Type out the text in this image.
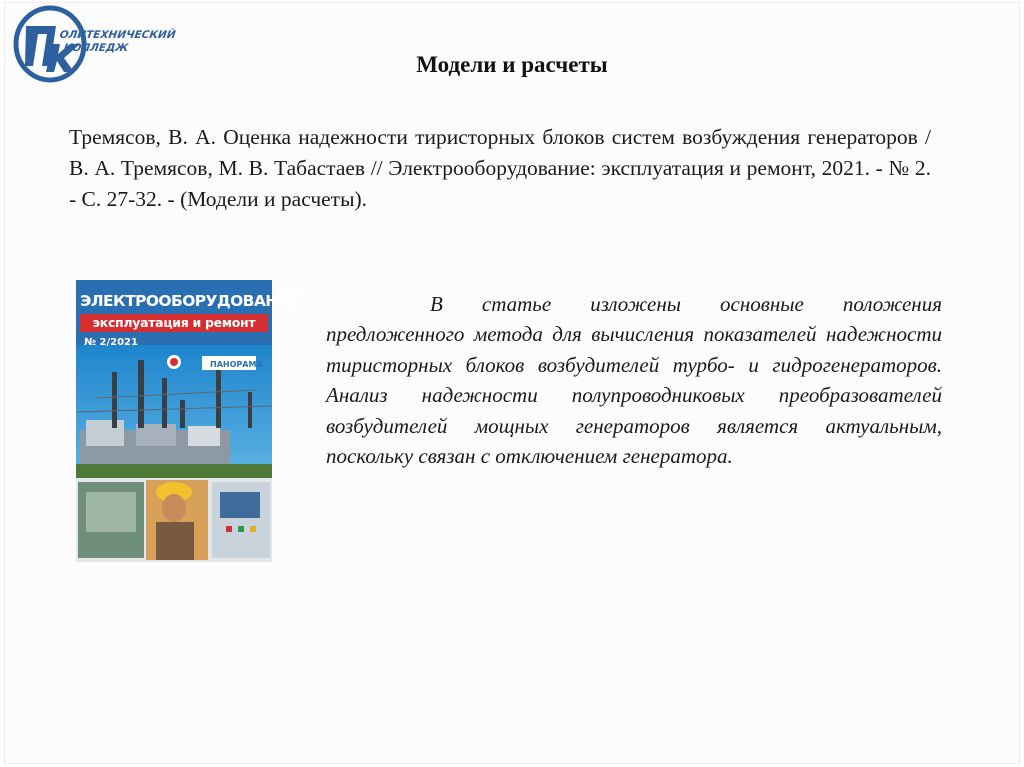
ОЛИТЕХНИЧЕСКИЙ
КОЛЛЕДЖ
Модели и расчеты
Тремясов, В. А. Оценка надежности тиристорных блоков систем возбуждения генераторов / В. А. Тремясов, М. В. Табастаев // Электрооборудование: эксплуатация и ремонт, 2021. - № 2. - С. 27-32. - (Модели и расчеты).
ПАНОРАМА
ЭЛЕКТРООБОРУДОВАНИЕ
эксплуатация и ремонт
№ 2/2021
В статье изложены основные положения предложенного метода для вычисления показателей надежности тиристорных блоков возбудителей турбо- и гидрогенераторов. Анализ надежности полупроводниковых преобразователей возбудителей мощных генераторов является актуальным, поскольку связан с отключением генератора.
